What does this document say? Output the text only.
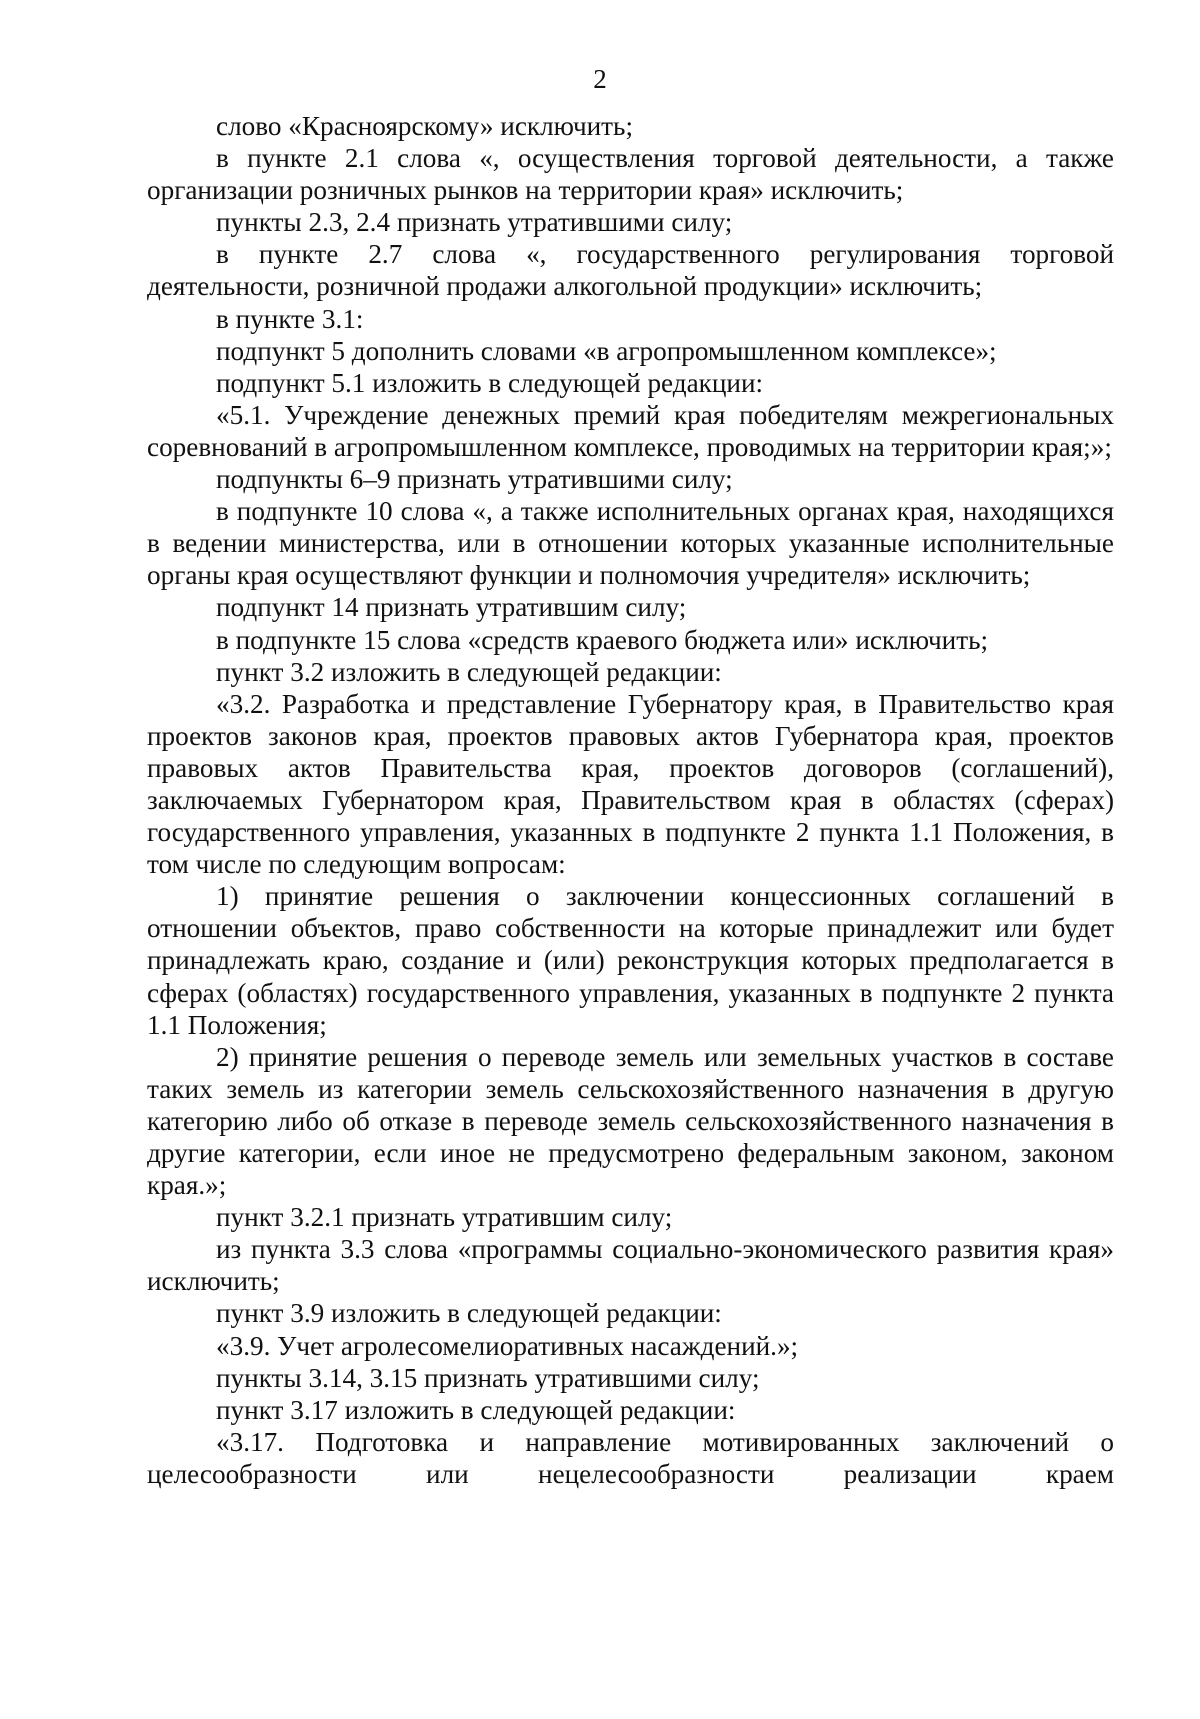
2

слово «Красноярскому» исключить;

в пункте 2.1 слова «, осуществления торговой деятельности, а также организации розничных рынков на территории края» исключить;

пункты 2.3, 2.4 признать утратившими силу;

в пункте 2.7 слова «, государственного регулирования торговой деятельности, розничной продажи алкогольной продукции» исключить;

в пункте 3.1:

подпункт 5 дополнить словами «в агропромышленном комплексе»;

подпункт 5.1 изложить в следующей редакции:

«5.1. Учреждение денежных премий края победителям межрегиональных соревнований в агропромышленном комплексе, проводимых на территории края;»;

подпункты 6–9 признать утратившими силу;

в подпункте 10 слова «, а также исполнительных органах края, находящихся в ведении министерства, или в отношении которых указанные исполнительные органы края осуществляют функции и полномочия учредителя» исключить;

подпункт 14 признать утратившим силу;

в подпункте 15 слова «средств краевого бюджета или» исключить;

пункт 3.2 изложить в следующей редакции:

«3.2. Разработка и представление Губернатору края, в Правительство края проектов законов края, проектов правовых актов Губернатора края, проектов правовых актов Правительства края, проектов договоров (соглашений), заключаемых Губернатором края, Правительством края в областях (сферах) государственного управления, указанных в подпункте 2 пункта 1.1 Положения, в том числе по следующим вопросам:

1) принятие решения о заключении концессионных соглашений в отношении объектов, право собственности на которые принадлежит или будет принадлежать краю, создание и (или) реконструкция которых предполагается в сферах (областях) государственного управления, указанных в подпункте 2 пункта 1.1 Положения;

2) принятие решения о переводе земель или земельных участков в составе таких земель из категории земель сельскохозяйственного назначения в другую категорию либо об отказе в переводе земель сельскохозяйственного назначения в другие категории, если иное не предусмотрено федеральным законом, законом края.»;

пункт 3.2.1 признать утратившим силу;

из пункта 3.3 слова «программы социально-экономического развития края» исключить;

пункт 3.9 изложить в следующей редакции:

«3.9. Учет агролесомелиоративных насаждений.»;

пункты 3.14, 3.15 признать утратившими силу;

пункт 3.17 изложить в следующей редакции:

«3.17. Подготовка и направление мотивированных заключений о целесообразности или нецелесообразности реализации краем
